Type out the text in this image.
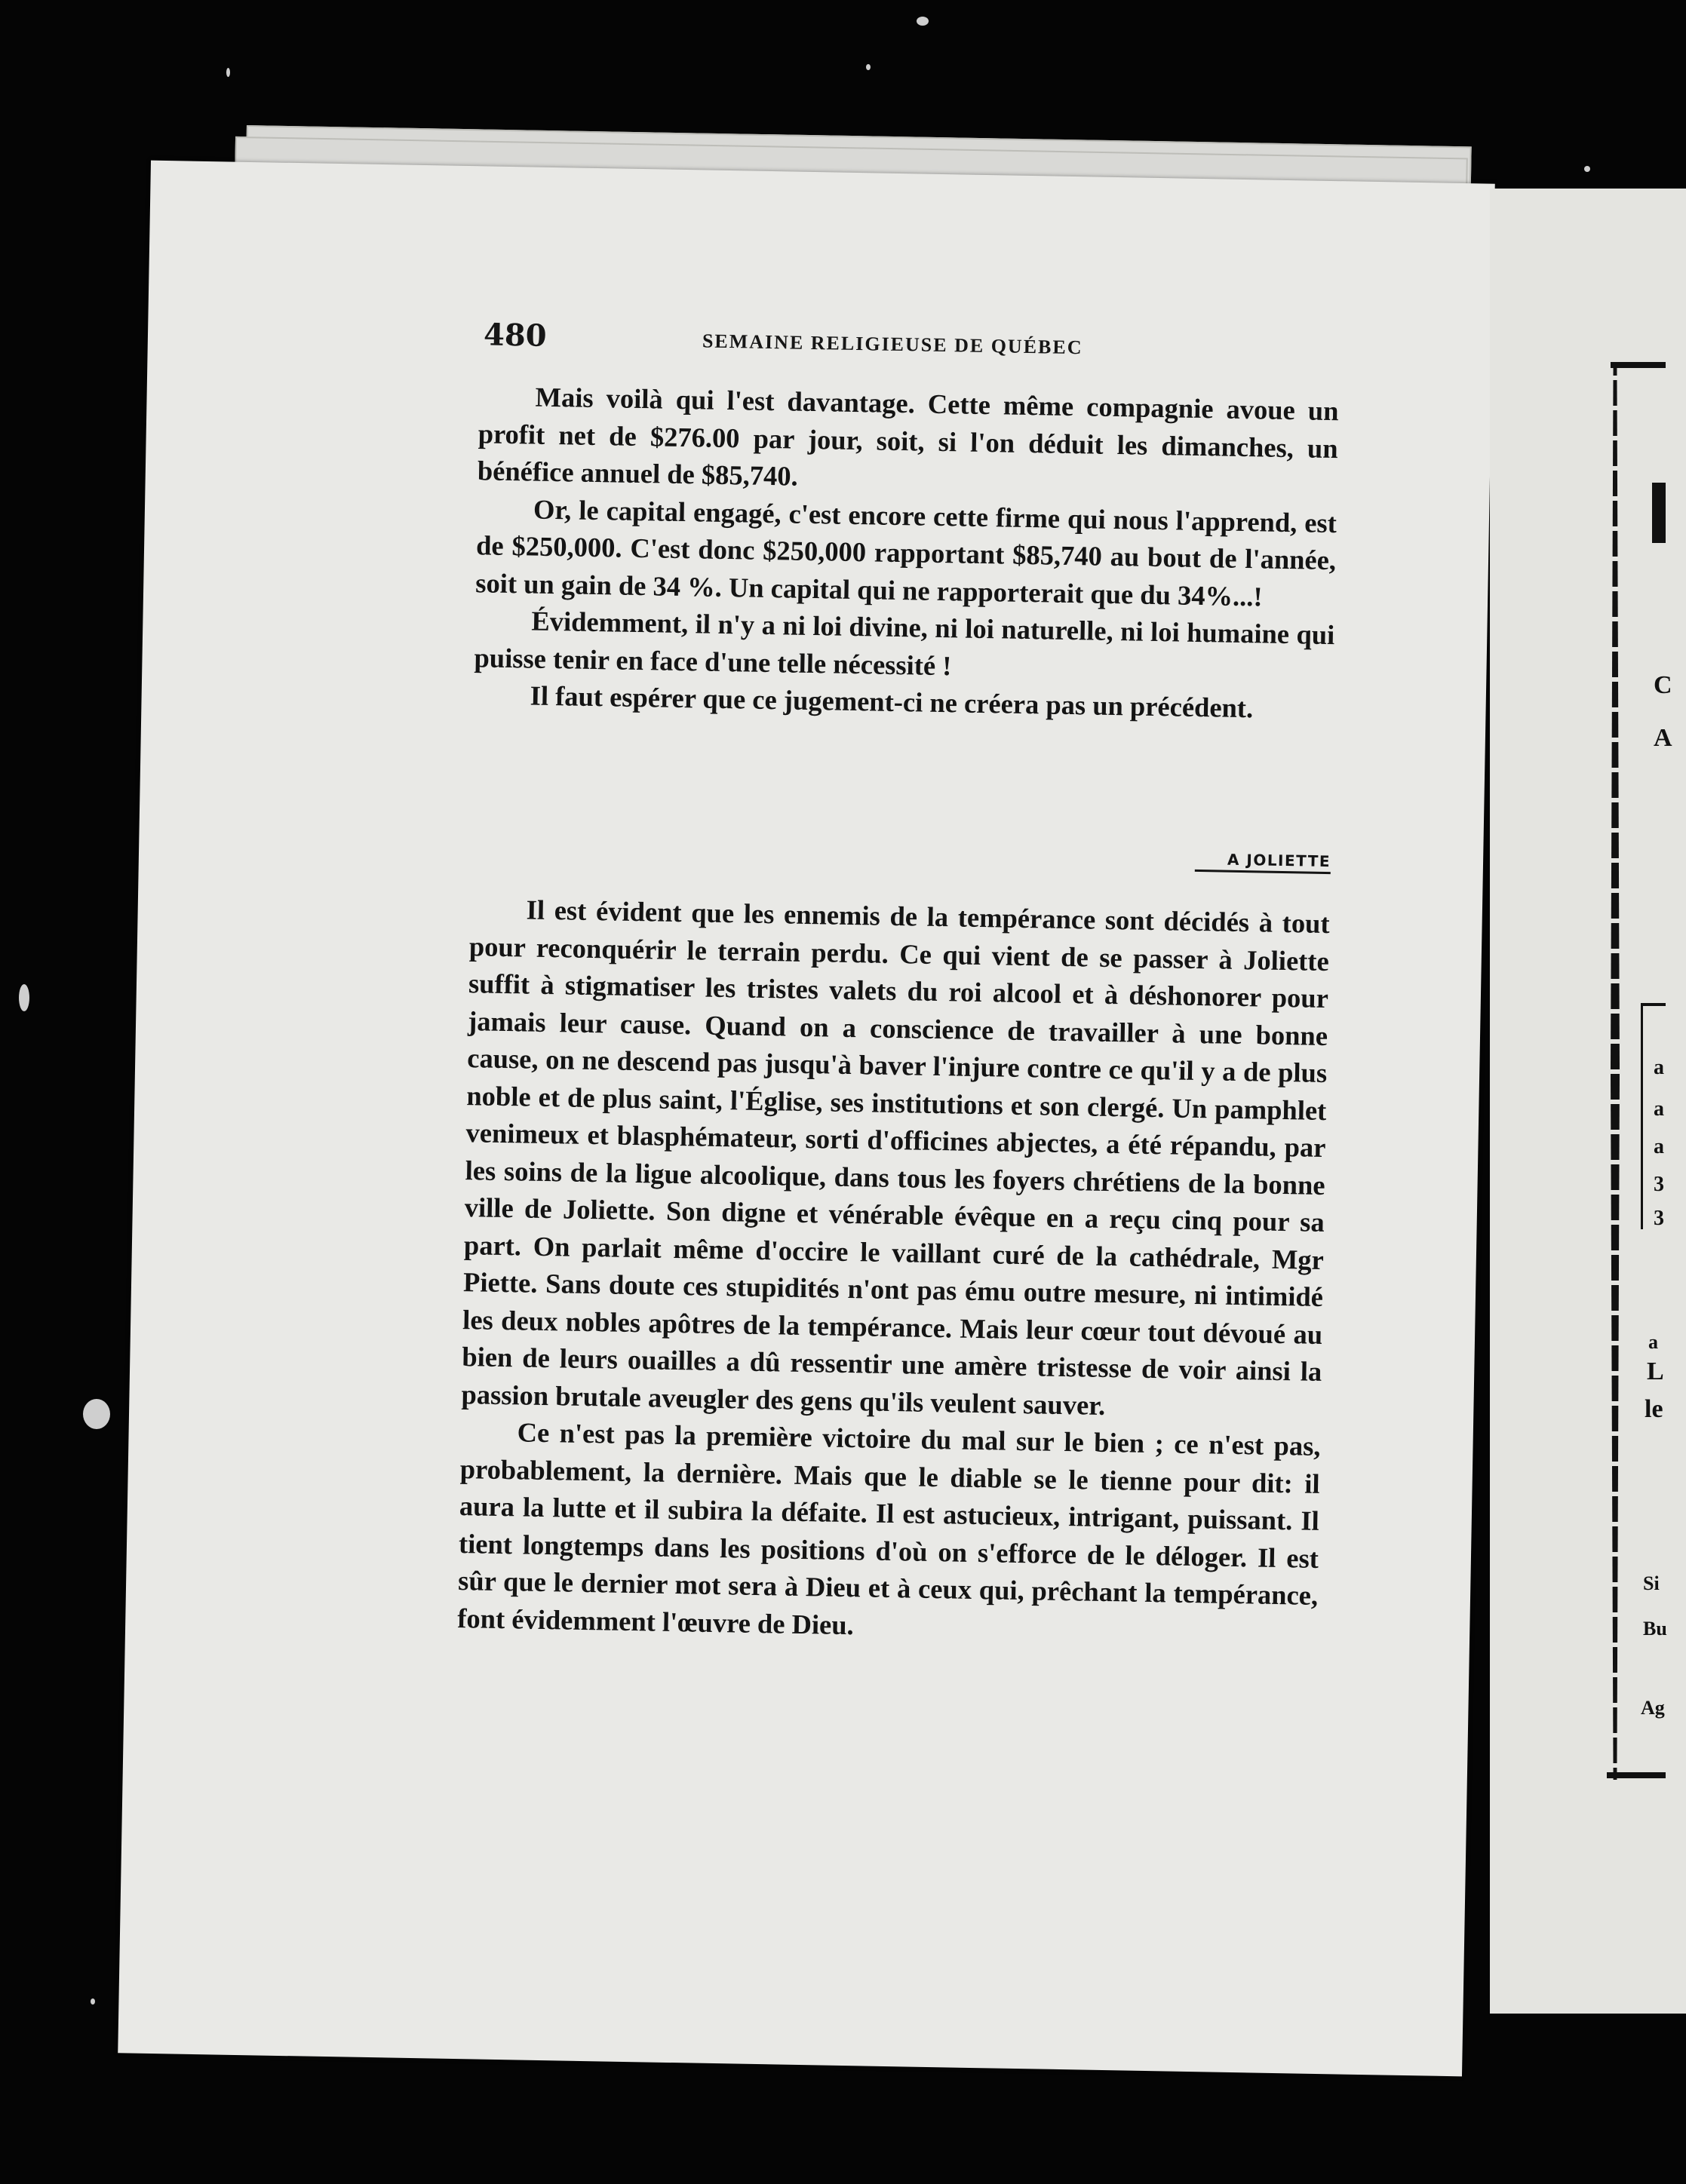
480	SEMAINE RELIGIEUSE DE QUÉBEC

Mais voilà qui l'est davantage. Cette même compagnie avoue un profit net de $276.00 par jour, soit, si l'on déduit les dimanches, un bénéfice annuel de $85,740.

Or, le capital engagé, c'est encore cette firme qui nous l'apprend, est de $250,000. C'est donc $250,000 rapportant $85,740 au bout de l'année, soit un gain de 34 %. Un capital qui ne rapporterait que du 34%...!

Évidemment, il n'y a ni loi divine, ni loi naturelle, ni loi humaine qui puisse tenir en face d'une telle nécessité !

Il faut espérer que ce jugement-ci ne créera pas un précédent.

A JOLIETTE

Il est évident que les ennemis de la tempérance sont décidés à tout pour reconquérir le terrain perdu. Ce qui vient de se passer à Joliette suffit à stigmatiser les tristes valets du roi alcool et à déshonorer pour jamais leur cause. Quand on a conscience de travailler à une bonne cause, on ne descend pas jusqu'à baver l'injure contre ce qu'il y a de plus noble et de plus saint, l'Église, ses institutions et son clergé. Un pamphlet venimeux et blasphémateur, sorti d'officines abjectes, a été répandu, par les soins de la ligue alcoolique, dans tous les foyers chrétiens de la bonne ville de Joliette. Son digne et vénérable évêque en a reçu cinq pour sa part. On parlait même d'occire le vaillant curé de la cathédrale, Mgr Piette. Sans doute ces stupidités n'ont pas ému outre mesure, ni intimidé les deux nobles apôtres de la tempérance. Mais leur cœur tout dévoué au bien de leurs ouailles a dû ressentir une amère tristesse de voir ainsi la passion brutale aveugler des gens qu'ils veulent sauver.

Ce n'est pas la première victoire du mal sur le bien ; ce n'est pas, probablement, la dernière. Mais que le diable se le tienne pour dit: il aura la lutte et il subira la défaite. Il est astucieux, intrigant, puissant. Il tient longtemps dans les positions d'où on s'efforce de le déloger. Il est sûr que le dernier mot sera à Dieu et à ceux qui, prêchant la tempérance, font évidemment l'œuvre de Dieu.

C
A
a
a
a
3
3
a
L
le
Si
Bu
Ag
